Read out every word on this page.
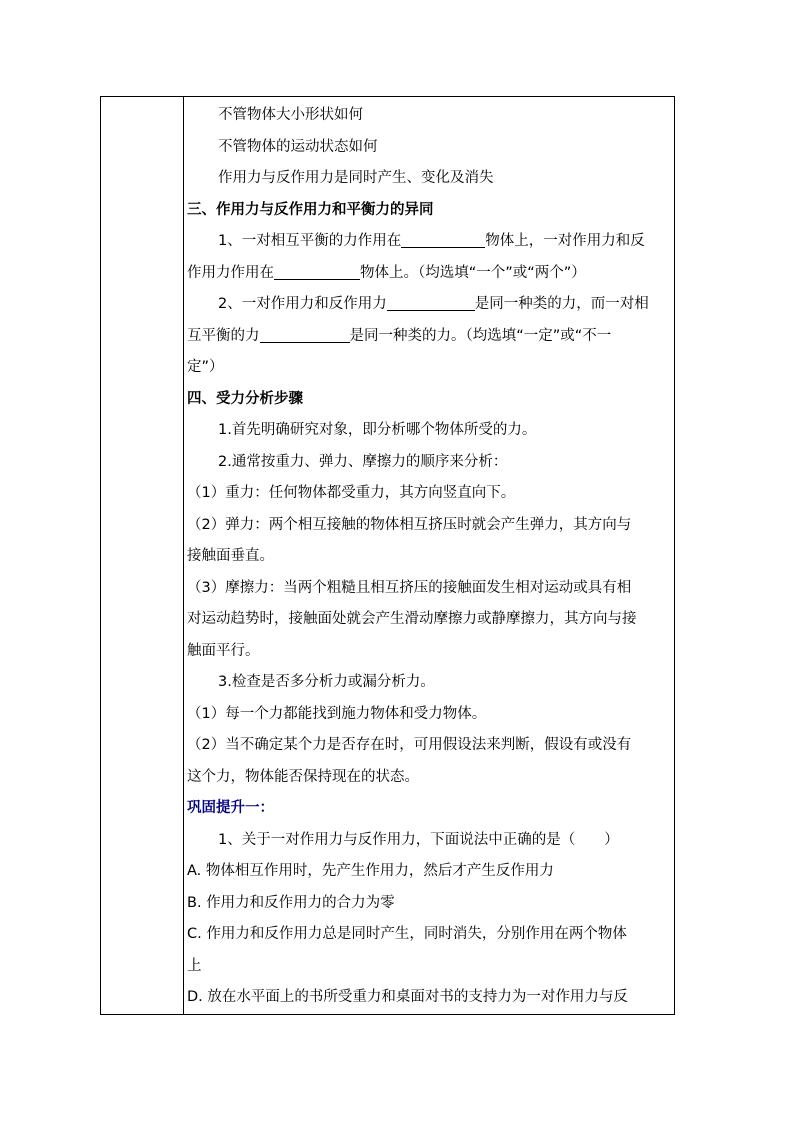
不管物体大小形状如何
不管物体的运动状态如何
作用力与反作用力是同时产生、变化及消失
三、作用力与反作用力和平衡力的异同
1、一对相互平衡的力作用在	物体上，一对作用力和反
作用力作用在	物体上。（均选填“一个”或“两个”）
2、一对作用力和反作用力	是同一种类的力，而一对相
互平衡的力	是同一种类的力。（均选填“一定”或“不一
定”）
四、受力分析步骤
1.首先明确研究对象，即分析哪个物体所受的力。
2.通常按重力、弹力、摩擦力的顺序来分析：
（1）重力：任何物体都受重力，其方向竖直向下。
（2）弹力：两个相互接触的物体相互挤压时就会产生弹力，其方向与
接触面垂直。
（3）摩擦力：当两个粗糙且相互挤压的接触面发生相对运动或具有相
对运动趋势时，接触面处就会产生滑动摩擦力或静摩擦力，其方向与接
触面平行。
3.检查是否多分析力或漏分析力。
（1）每一个力都能找到施力物体和受力物体。
（2）当不确定某个力是否存在时，可用假设法来判断，假设有或没有
这个力，物体能否保持现在的状态。
巩固提升一：
1、关于一对作用力与反作用力，下面说法中正确的是（　　）
A. 物体相互作用时，先产生作用力，然后才产生反作用力
B. 作用力和反作用力的合力为零
C. 作用力和反作用力总是同时产生，同时消失，分别作用在两个物体
上
D. 放在水平面上的书所受重力和桌面对书的支持力为一对作用力与反
